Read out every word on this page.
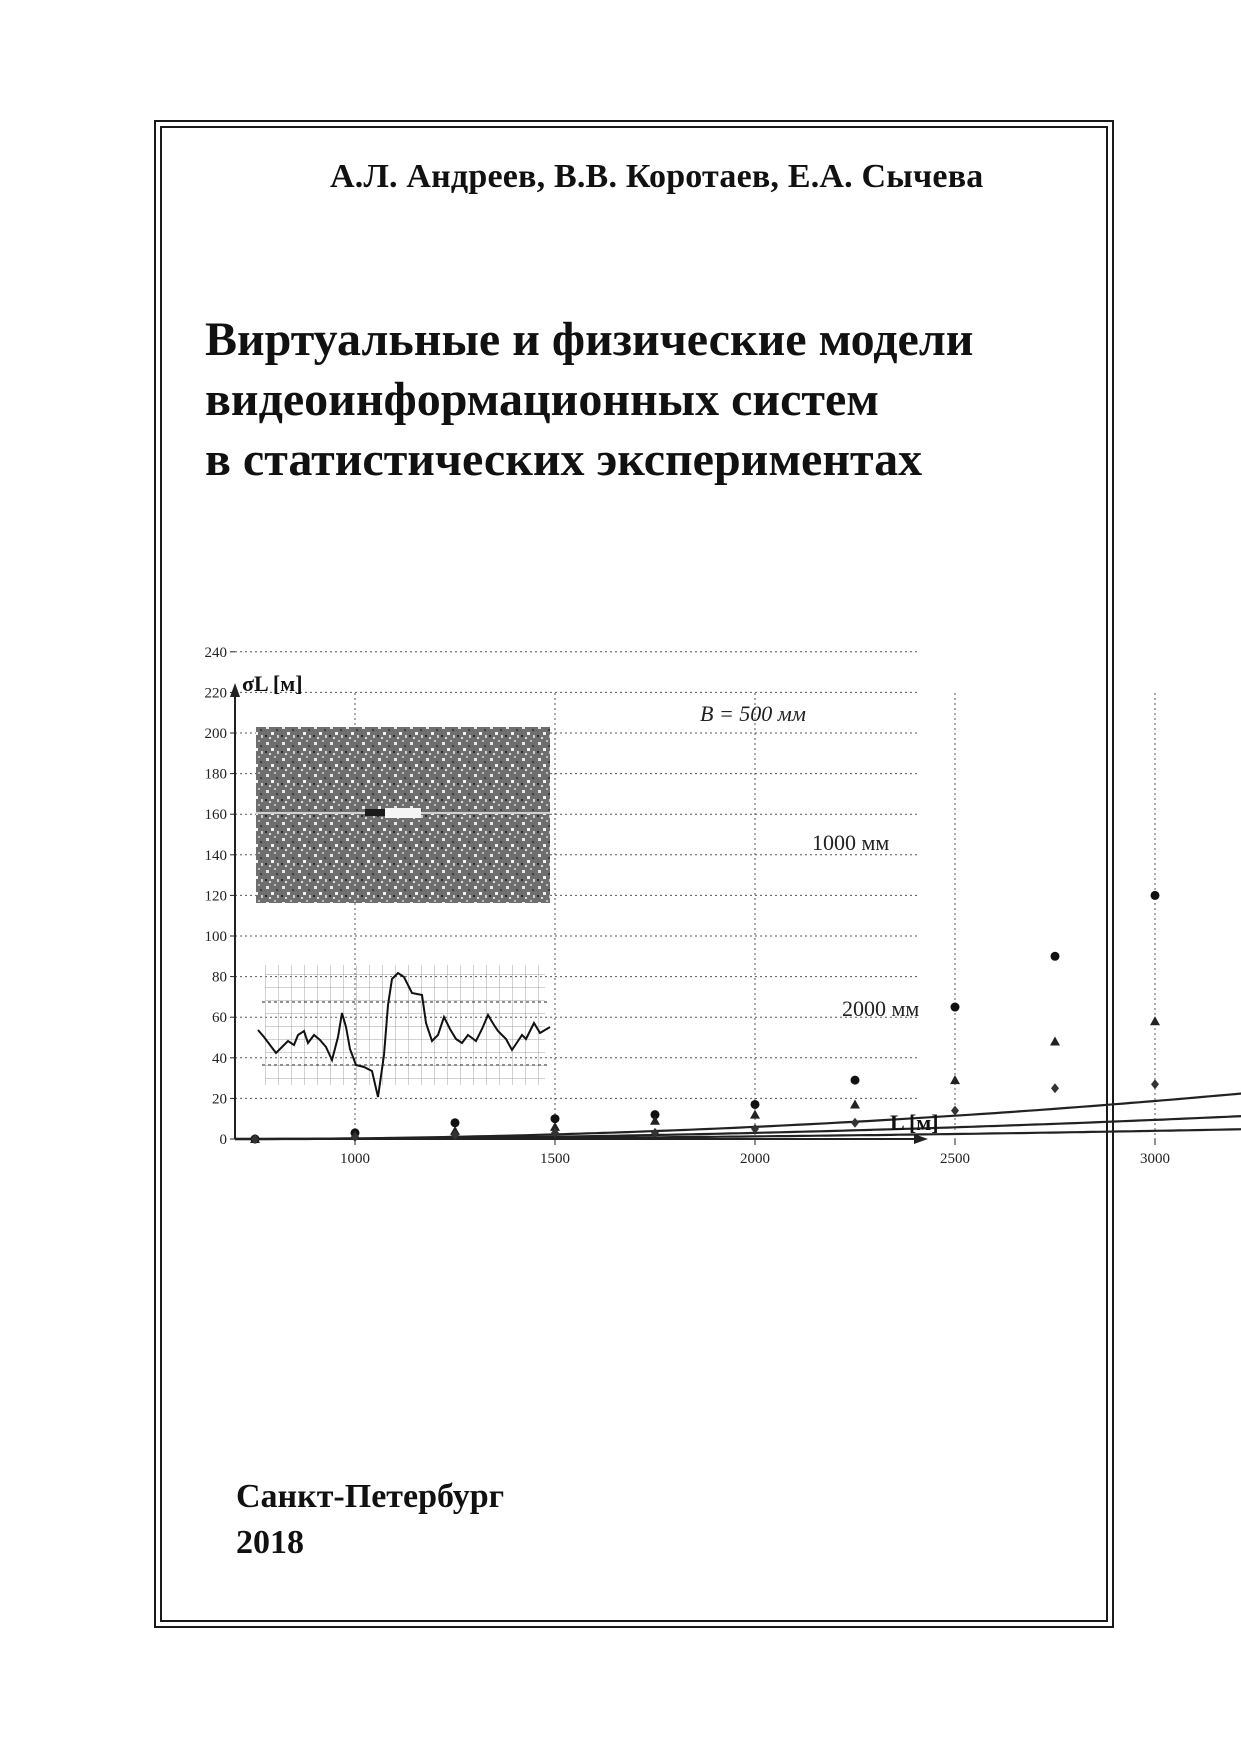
А.Л. Андреев, В.В. Коротаев, Е.А. Сычева
Виртуальные и физические модели
видеоинформационных систем
в статистических экспериментах
0
20
40
60
80
100
120
140
160
180
200
220
240
1000	1500	2000	2500	3000
σL [м]
L [м]
B = 500 мм
1000 мм
2000 мм
Санкт-Петербург
2018
